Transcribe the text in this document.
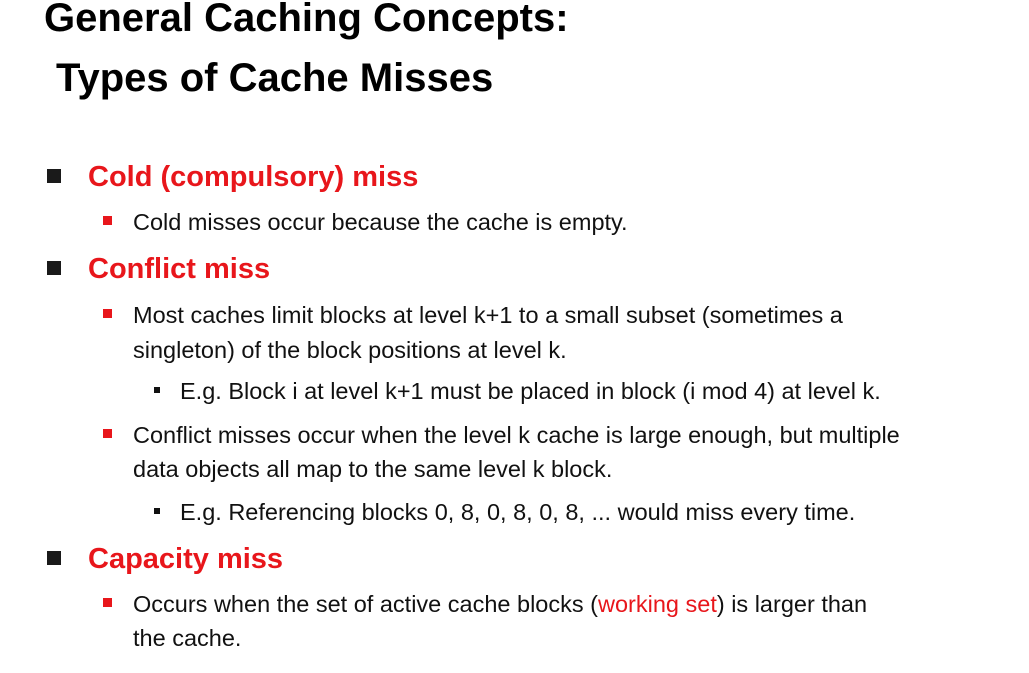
General Caching Concepts:
Types of Cache Misses
Cold (compulsory) miss
Cold misses occur because the cache is empty.
Conflict miss
Most caches limit blocks at level k+1 to a small subset (sometimes a
singleton) of the block positions at level k.
E.g. Block i at level k+1 must be placed in block (i mod 4) at level k.
Conflict misses occur when the level k cache is large enough, but multiple
data objects all map to the same level k block.
E.g. Referencing blocks 0, 8, 0, 8, 0, 8, ... would miss every time.
Capacity miss
Occurs when the set of active cache blocks (working set) is larger than
the cache.
